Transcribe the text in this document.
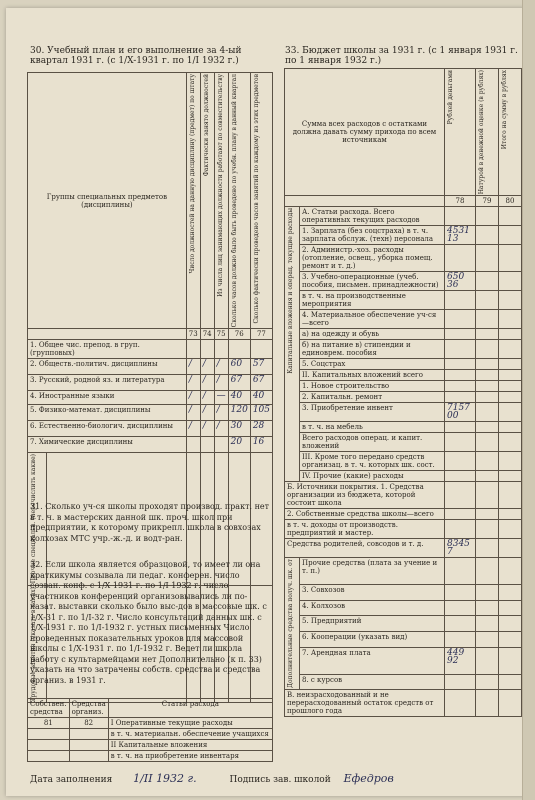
30. Учебный план и его выполнение за 4-ый квартал 1931 г. (с 1/X-1931 г. по 1/I 1932 г.)
Группы специальных предметов (дисциплины)		Число должностей на данную дисциплину (предмет) по штату	Фактически занято должностей	Из числа лиц занимающих должности работают по совместительству	Сколько часов должно было быть проведено по учебн. плану в данный квартал	Сколько фактически проведено часов занятий по каждому из этих предметов

		73	74	75	76	77
1. Общее чис. препод. в груп. (групповых)						
2. Обществ.-политич. дисциплины		/	/	/	60	57
3. Русский, родной яз. и литература		/	/	/	67	67
4. Иностранные языки		/	/	—	40	40
5. Физико-математ. дисциплины		/	/	/	120	105
6. Естественно-биологич. дисциплины		/	/	/	30	28
7. Химические дисциплины					20	16

Прочие специальн. (перечислить какие)						

Трудовые занятия (указать в каких)						

31. Сколько уч-ся школы проходят производ. практ. нет в т. ч. в мастерских данной шк. проч. школ при предприятии, к которому прикрепл. школа в совхозах колхозах МТС учр.-ж.-д. и водт-ран.
32. Если школа является образцовой, то имеет ли она краткикумы созывала ли педаг. конферен. число созван. конф. с 1/X 1931 г. по 1/I 1932 г. число участников конференций организовывались ли по-казат. выставки сколько было выс-дов в массовые шк. с 1/X-31 г. по 1/I-32 г. Число консультаций данных шк. с 1/X-1931 г. по 1/I-1932 г. устных письменных Число проведенных показательных уроков для массовой школы с 1/X-1931 г. по 1/I-1932 г. Ведет ли школа работу с культармейцами нет Дополнительно (к п. 33) указать на что затрачены собств. средства и средства организ. в 1931 г.
Собствен. средства	Средства организ.	Статьи расхода
81	82	I Оперативные текущие расходы
		в т. ч. материальн. обеспечение учащихся
		II Капитальные вложения
		в т. ч. на приобретение инвентаря
33. Бюджет школы за 1931 г. (с 1 января 1931 г. по 1 января 1932 г.)
Сумма всех расходов с остатками должна давать сумму прихода по всем источникам		Рублей деньгами	Натурой в денежной оценке (в рублях)	Итого на сумму в рублях

		78	79	80

Капитальные вложения и операц. текущие расходы	А. Статьи расхода. Всего оперативных текущих расходов			
	1. Зарплата (без соцстраха) в т. ч. зарплата обслуж. (техн) персонала	4531 13		
	2. Администр.-хоз. расходы (отопление, освещ., уборка помещ. ремонт и т. д.)			
	3. Учебно-операционные (учеб. пособия, письмен. принадлежности)	650 36		
	в т. ч. на производственные мероприятия			
	4. Материальное обеспечение уч-ся—всего			
	а) на одежду и обувь			
	б) на питание в) стипендии и единоврем. пособия			
	5. Соцстрах			
	II. Капитальных вложений всего			
	1. Новое строительство			
	2. Капитальн. ремонт			
	3. Приобретение инвент	7157 00		
	в т. ч. на мебель			
	Всего расходов операц. и капит. вложений			
	III. Кроме того передано средств организац. в т. ч. которых шк. сост.			
	IV. Прочие (какие) расходы			
Б. Источники покрытия. 1. Средства организации из бюджета, которой состоит школа				
2. Собственные средства школы—всего				
в т. ч. доходы от производств. предприятий и мастер.				
Средства родителей, совсодов и т. д.		8345 7		

Дополнительные средства получ. шк. от	Прочие средства (плата за учение и т. п.)			
	3. Совхозов			
	4. Колхозов			
	5. Предприятий			
	6. Кооперации (указать вид)			
	7. Арендная плата	449 92		
	8. с курсов			
В. неизрасходованный и не перерасходованный остаток средств от прошлого года				
Дата заполнения 1/II 1932 г.	Подпись зав. школой Ефедров
